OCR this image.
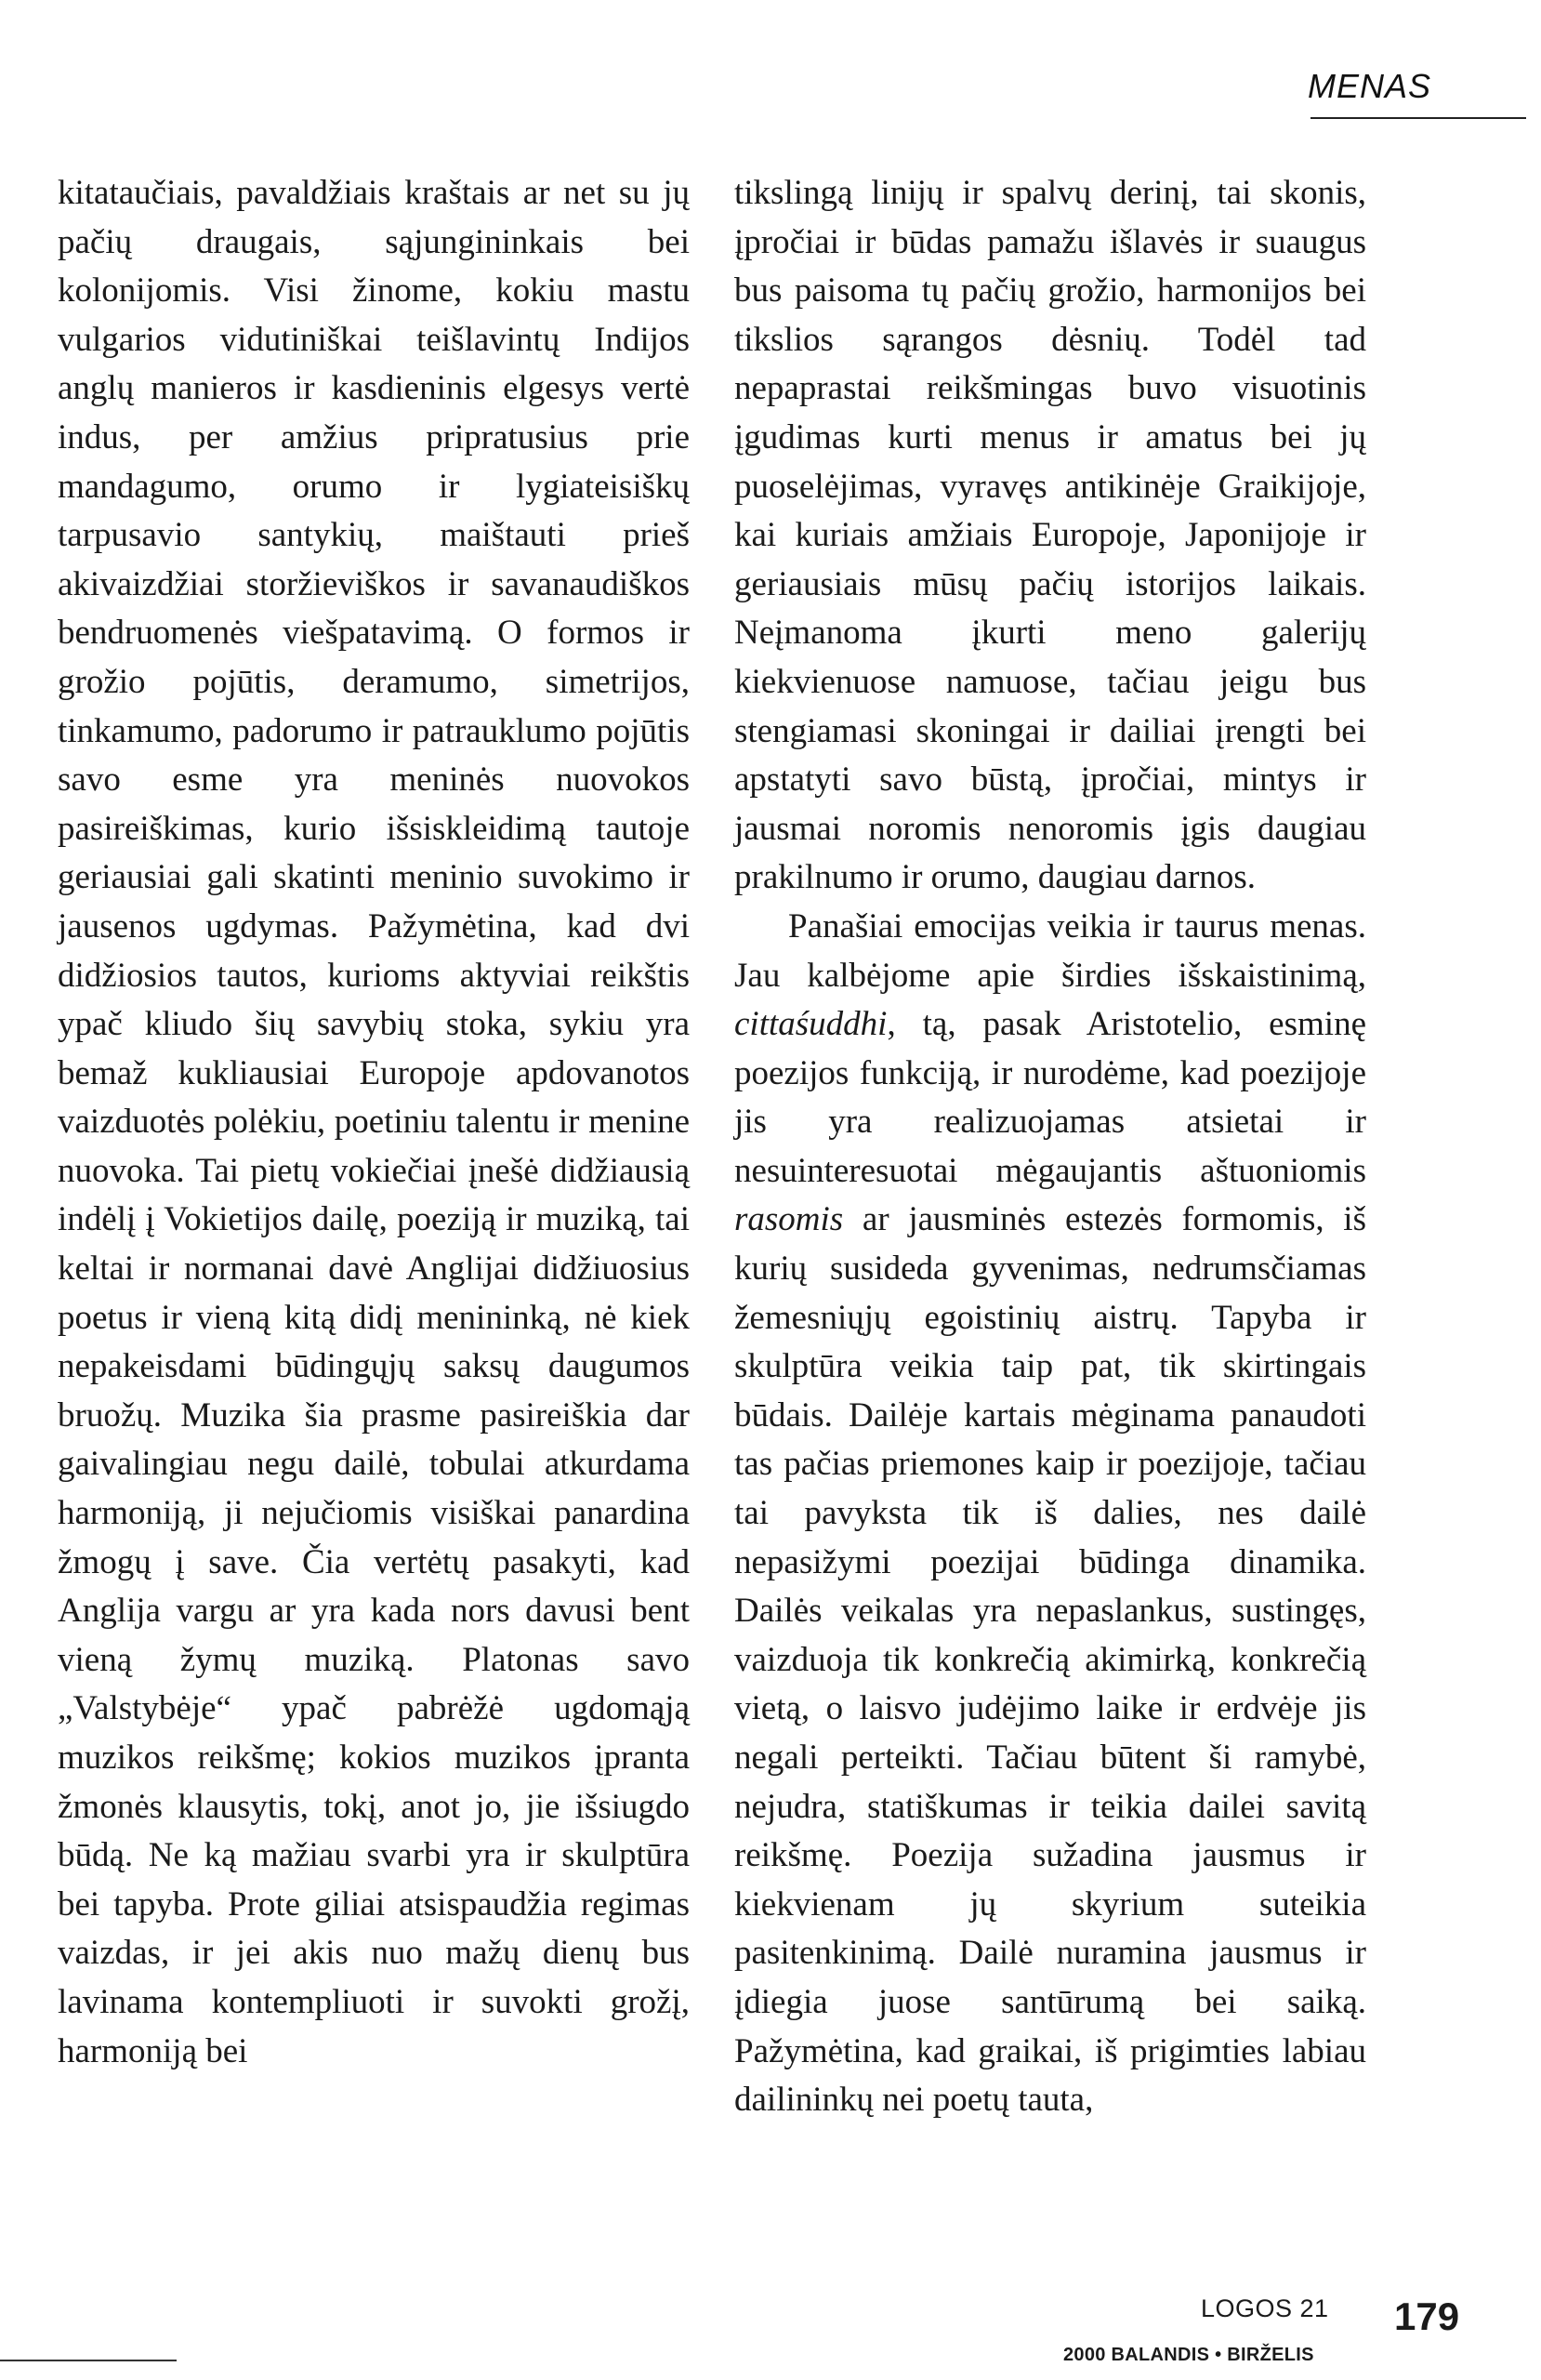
MENAS

kitataučiais, pavaldžiais kraštais ar net su jų pačių draugais, sąjungininkais bei kolonijomis. Visi žinome, kokiu mastu vulgarios vidutiniškai teišlavintų Indijos anglų manieros ir kasdieninis elgesys vertė indus, per amžius pripratusius prie mandagumo, orumo ir lygiateisiškų tarpusavio santykių, maištauti prieš akivaizdžiai storžieviškos ir savanaudiškos bendruomenės viešpatavimą. O formos ir grožio pojūtis, deramumo, simetrijos, tinkamumo, padorumo ir patrauklumo pojūtis savo esme yra meninės nuovokos pasireiškimas, kurio išsiskleidimą tautoje geriausiai gali skatinti meninio suvokimo ir jausenos ugdymas. Pažymėtina, kad dvi didžiosios tautos, kurioms aktyviai reikštis ypač kliudo šių savybių stoka, sykiu yra bemaž kukliausiai Europoje apdovanotos vaizduotės polėkiu, poetiniu talentu ir menine nuovoka. Tai pietų vokiečiai įnešė didžiausią indėlį į Vokietijos dailę, poeziją ir muziką, tai keltai ir normanai davė Anglijai didžiuosius poetus ir vieną kitą didį menininką, nė kiek nepakeisdami būdingųjų saksų daugumos bruožų. Muzika šia prasme pasireiškia dar gaivalingiau negu dailė, tobulai atkurdama harmoniją, ji nejučiomis visiškai panardina žmogų į save. Čia vertėtų pasakyti, kad Anglija vargu ar yra kada nors davusi bent vieną žymų muziką. Platonas savo „Valstybėje“ ypač pabrėžė ugdomąją muzikos reikšmę; kokios muzikos įpranta žmonės klausytis, tokį, anot jo, jie išsiugdo būdą. Ne ką mažiau svarbi yra ir skulptūra bei tapyba. Prote giliai atsispaudžia regimas vaizdas, ir jei akis nuo mažų dienų bus lavinama kontempliuoti ir suvokti grožį, harmoniją bei

tikslingą linijų ir spalvų derinį, tai skonis, įpročiai ir būdas pamažu išlavės ir suaugus bus paisoma tų pačių grožio, harmonijos bei tikslios sąrangos dėsnių. Todėl tad nepaprastai reikšmingas buvo visuotinis įgudimas kurti menus ir amatus bei jų puoselėjimas, vyravęs antikinėje Graikijoje, kai kuriais amžiais Europoje, Japonijoje ir geriausiais mūsų pačių istorijos laikais. Neįmanoma įkurti meno galerijų kiekvienuose namuose, tačiau jeigu bus stengiamasi skoningai ir dailiai įrengti bei apstatyti savo būstą, įpročiai, mintys ir jausmai noromis nenoromis įgis daugiau prakilnumo ir orumo, daugiau darnos.

Panašiai emocijas veikia ir taurus menas. Jau kalbėjome apie širdies išskaistinimą, cittaśuddhi, tą, pasak Aristotelio, esminę poezijos funkciją, ir nurodėme, kad poezijoje jis yra realizuojamas atsietai ir nesuinteresuotai mėgaujantis aštuoniomis rasomis ar jausminės estezės formomis, iš kurių susideda gyvenimas, nedrumsčiamas žemesniųjų egoistinių aistrų. Tapyba ir skulptūra veikia taip pat, tik skirtingais būdais. Dailėje kartais mėginama panaudoti tas pačias priemones kaip ir poezijoje, tačiau tai pavyksta tik iš dalies, nes dailė nepasižymi poezijai būdinga dinamika. Dailės veikalas yra nepaslankus, sustingęs, vaizduoja tik konkrečią akimirką, konkrečią vietą, o laisvo judėjimo laike ir erdvėje jis negali perteikti. Tačiau būtent ši ramybė, nejudra, statiškumas ir teikia dailei savitą reikšmę. Poezija sužadina jausmus ir kiekvienam jų skyrium suteikia pasitenkinimą. Dailė nuramina jausmus ir įdiegia juose santūrumą bei saiką. Pažymėtina, kad graikai, iš prigimties labiau dailininkų nei poetų tauta,

LOGOS 21 179
2000 BALANDIS • BIRŽELIS
